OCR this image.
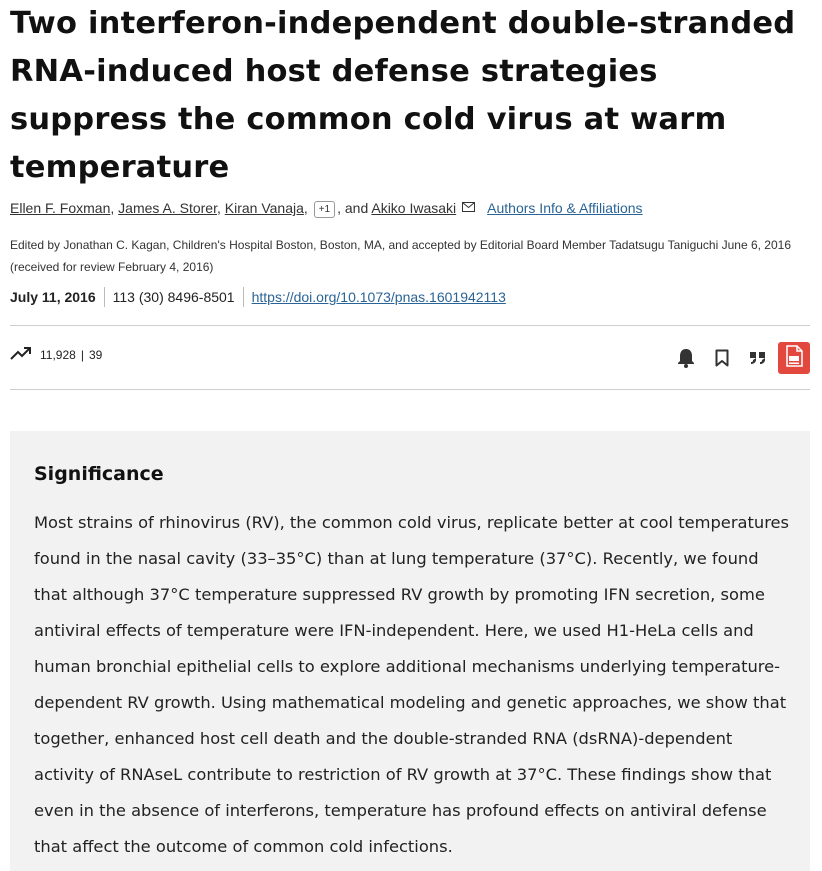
Two interferon-independent double-stranded RNA-induced host defense strategies suppress the common cold virus at warm temperature
Ellen F. Foxman, James A. Storer, Kiran Vanaja, +1 , and Akiko Iwasaki Authors Info & Affiliations
Edited by Jonathan C. Kagan, Children's Hospital Boston, Boston, MA, and accepted by Editorial Board Member Tadatsugu Taniguchi June 6, 2016 (received for review February 4, 2016)
July 11, 2016 113 (30) 8496-8501 https://doi.org/10.1073/pnas.1601942113
11,928 | 39
Significance

Most strains of rhinovirus (RV), the common cold virus, replicate better at cool temperatures found in the nasal cavity (33–35°C) than at lung temperature (37°C). Recently, we found that although 37°C temperature suppressed RV growth by promoting IFN secretion, some antiviral effects of temperature were IFN-independent. Here, we used H1-HeLa cells and human bronchial epithelial cells to explore additional mechanisms underlying temperature-dependent RV growth. Using mathematical modeling and genetic approaches, we show that together, enhanced host cell death and the double-stranded RNA (dsRNA)-dependent activity of RNAseL contribute to restriction of RV growth at 37°C. These findings show that even in the absence of interferons, temperature has profound effects on antiviral defense that affect the outcome of common cold infections.
